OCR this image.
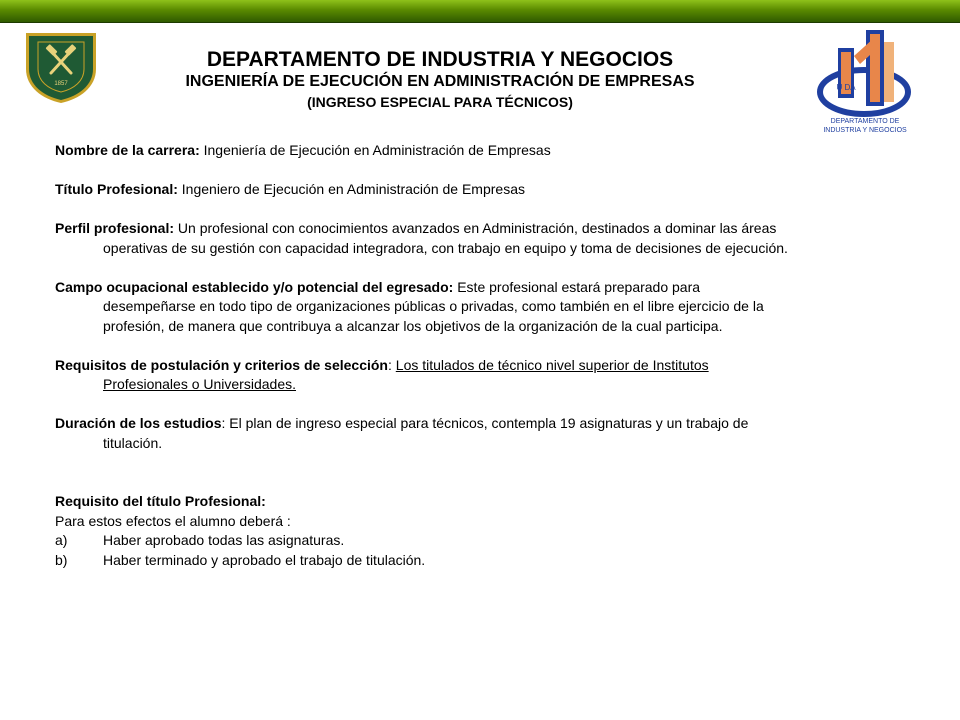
1857	U DA
DEPARTAMENTO DE
INDUSTRIA Y NEGOCIOS
DEPARTAMENTO DE INDUSTRIA Y NEGOCIOS
INGENIERÍA DE EJECUCIÓN EN ADMINISTRACIÓN DE EMPRESAS
(INGRESO ESPECIAL PARA TÉCNICOS)

Nombre de la carrera: Ingeniería de Ejecución en Administración de Empresas

Título Profesional: Ingeniero de Ejecución en Administración de Empresas

Perfil profesional: Un profesional con conocimientos avanzados en Administración, destinados a dominar las áreas
operativas de su gestión con capacidad integradora, con trabajo en equipo y toma de decisiones de ejecución.

Campo ocupacional establecido y/o potencial del egresado: Este profesional estará preparado para
desempeñarse en todo tipo de organizaciones públicas o privadas, como también en el libre ejercicio de la
profesión, de manera que contribuya a alcanzar los objetivos de la organización de la cual participa.

Requisitos de postulación y criterios de selección: Los titulados de técnico nivel superior de Institutos
Profesionales o Universidades.

Duración de los estudios: El plan de ingreso especial para técnicos, contempla 19 asignaturas y un trabajo de
titulación.

Requisito del título Profesional:
Para estos efectos el alumno deberá :
a)	Haber aprobado todas las asignaturas.
b)	Haber terminado y aprobado el trabajo de titulación.
